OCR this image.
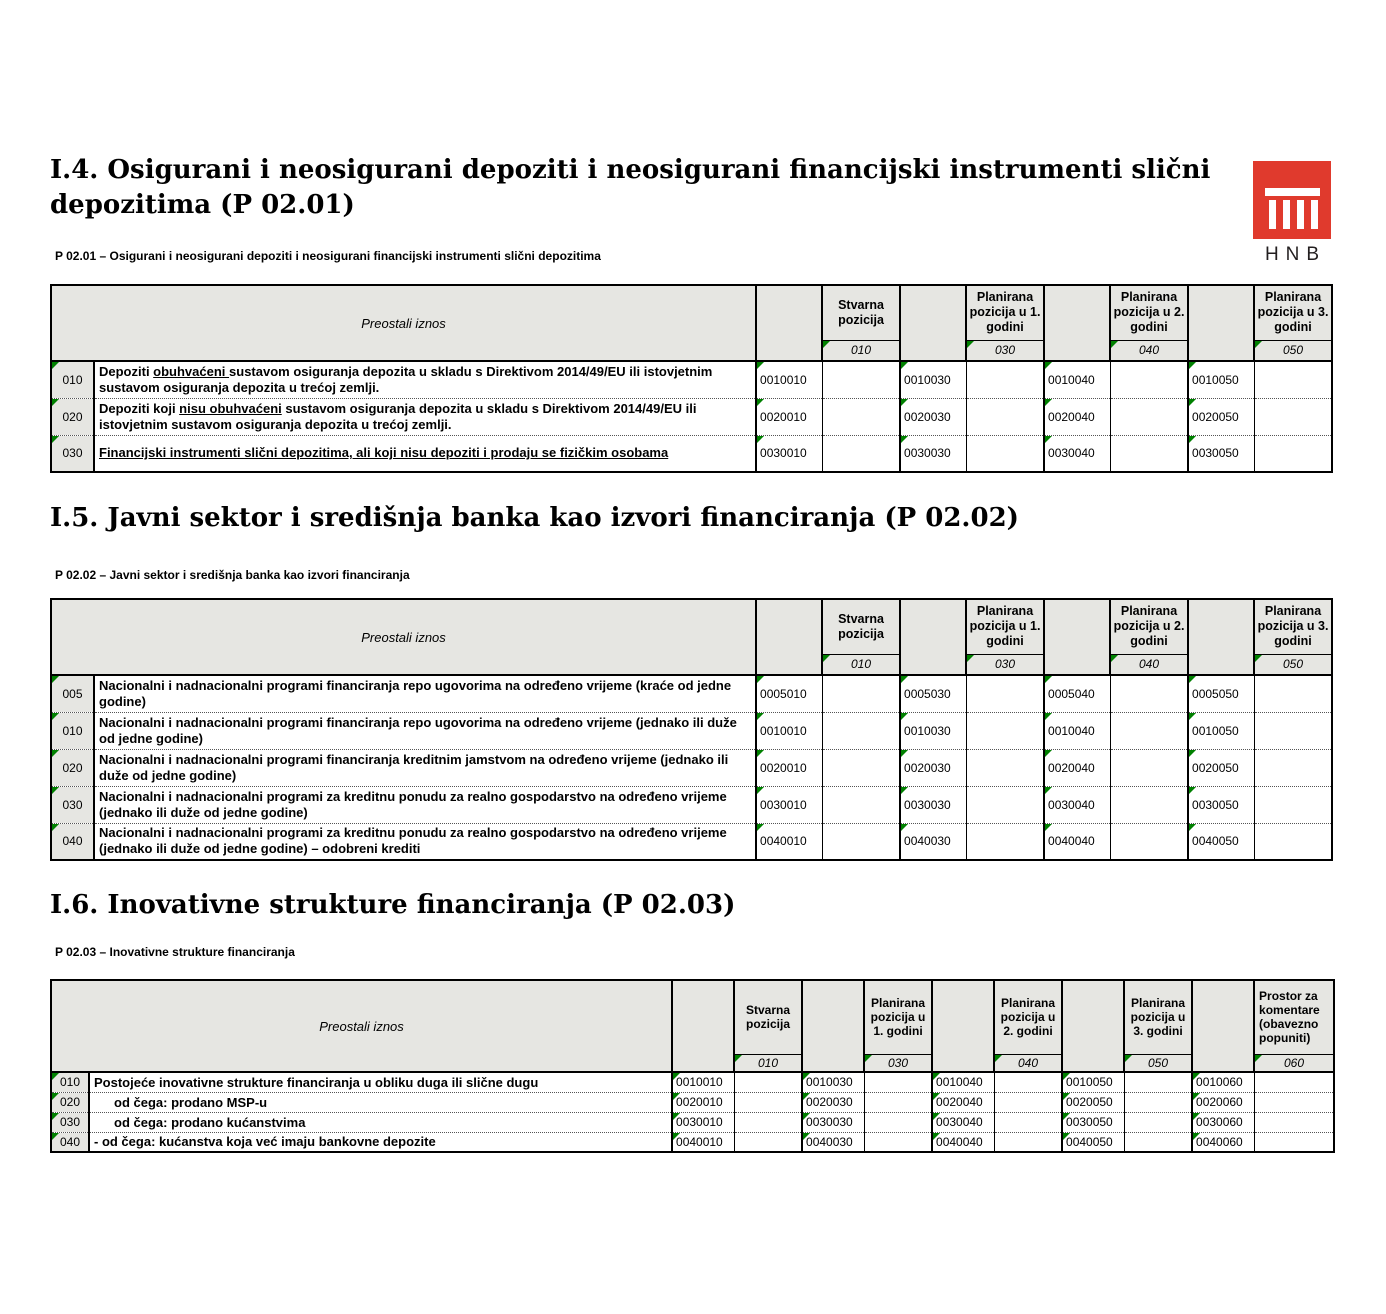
HNB
I.4. Osigurani i neosigurani depoziti i neosigurani financijski instrumenti slični depozitima (P 02.01)
P 02.01 – Osigurani i neosigurani depoziti i neosigurani financijski instrumenti slični depozitima
Preostali iznos			Stvarna pozicija		Planirana pozicija u 1. godini		Planirana pozicija u 2. godini		Planirana pozicija u 3. godini
			010		030		040		050
010	Depoziti obuhvaćeni sustavom osiguranja depozita u skladu s Direktivom 2014/49/EU ili istovjetnim sustavom osiguranja depozita u trećoj zemlji.	0010010		0010030		0010040		0010050	
020	Depoziti koji nisu obuhvaćeni sustavom osiguranja depozita u skladu s Direktivom 2014/49/EU ili istovjetnim sustavom osiguranja depozita u trećoj zemlji.	0020010		0020030		0020040		0020050	
030	Financijski instrumenti slični depozitima, ali koji nisu depoziti i prodaju se fizičkim osobama	0030010		0030030		0030040		0030050	
I.5. Javni sektor i središnja banka kao izvori financiranja (P 02.02)
P 02.02 – Javni sektor i središnja banka kao izvori financiranja
Preostali iznos			Stvarna pozicija		Planirana pozicija u 1. godini		Planirana pozicija u 2. godini		Planirana pozicija u 3. godini
			010		030		040		050
005	Nacionalni i nadnacionalni programi financiranja repo ugovorima na određeno vrijeme (kraće od jedne godine)	0005010		0005030		0005040		0005050	
010	Nacionalni i nadnacionalni programi financiranja repo ugovorima na određeno vrijeme (jednako ili duže od jedne godine)	0010010		0010030		0010040		0010050	
020	Nacionalni i nadnacionalni programi financiranja kreditnim jamstvom na određeno vrijeme (jednako ili duže od jedne godine)	0020010		0020030		0020040		0020050	
030	Nacionalni i nadnacionalni programi za kreditnu ponudu za realno gospodarstvo na određeno vrijeme (jednako ili duže od jedne godine)	0030010		0030030		0030040		0030050	
040	Nacionalni i nadnacionalni programi za kreditnu ponudu za realno gospodarstvo na određeno vrijeme (jednako ili duže od jedne godine) – odobreni krediti	0040010		0040030		0040040		0040050	
I.6. Inovativne strukture financiranja (P 02.03)
P 02.03 – Inovativne strukture financiranja
Preostali iznos			Stvarna pozicija		Planirana pozicija u 1. godini		Planirana pozicija u 2. godini		Planirana pozicija u 3. godini		Prostor za komentare (obavezno popuniti)
			010		030		040		050		060
010	Postojeće inovativne strukture financiranja u obliku duga ili slične dugu	0010010		0010030		0010040		0010050		0010060	
020	od čega: prodano MSP-u	0020010		0020030		0020040		0020050		0020060	
030	od čega: prodano kućanstvima	0030010		0030030		0030040		0030050		0030060	
040	- od čega: kućanstva koja već imaju bankovne depozite	0040010		0040030		0040040		0040050		0040060	
